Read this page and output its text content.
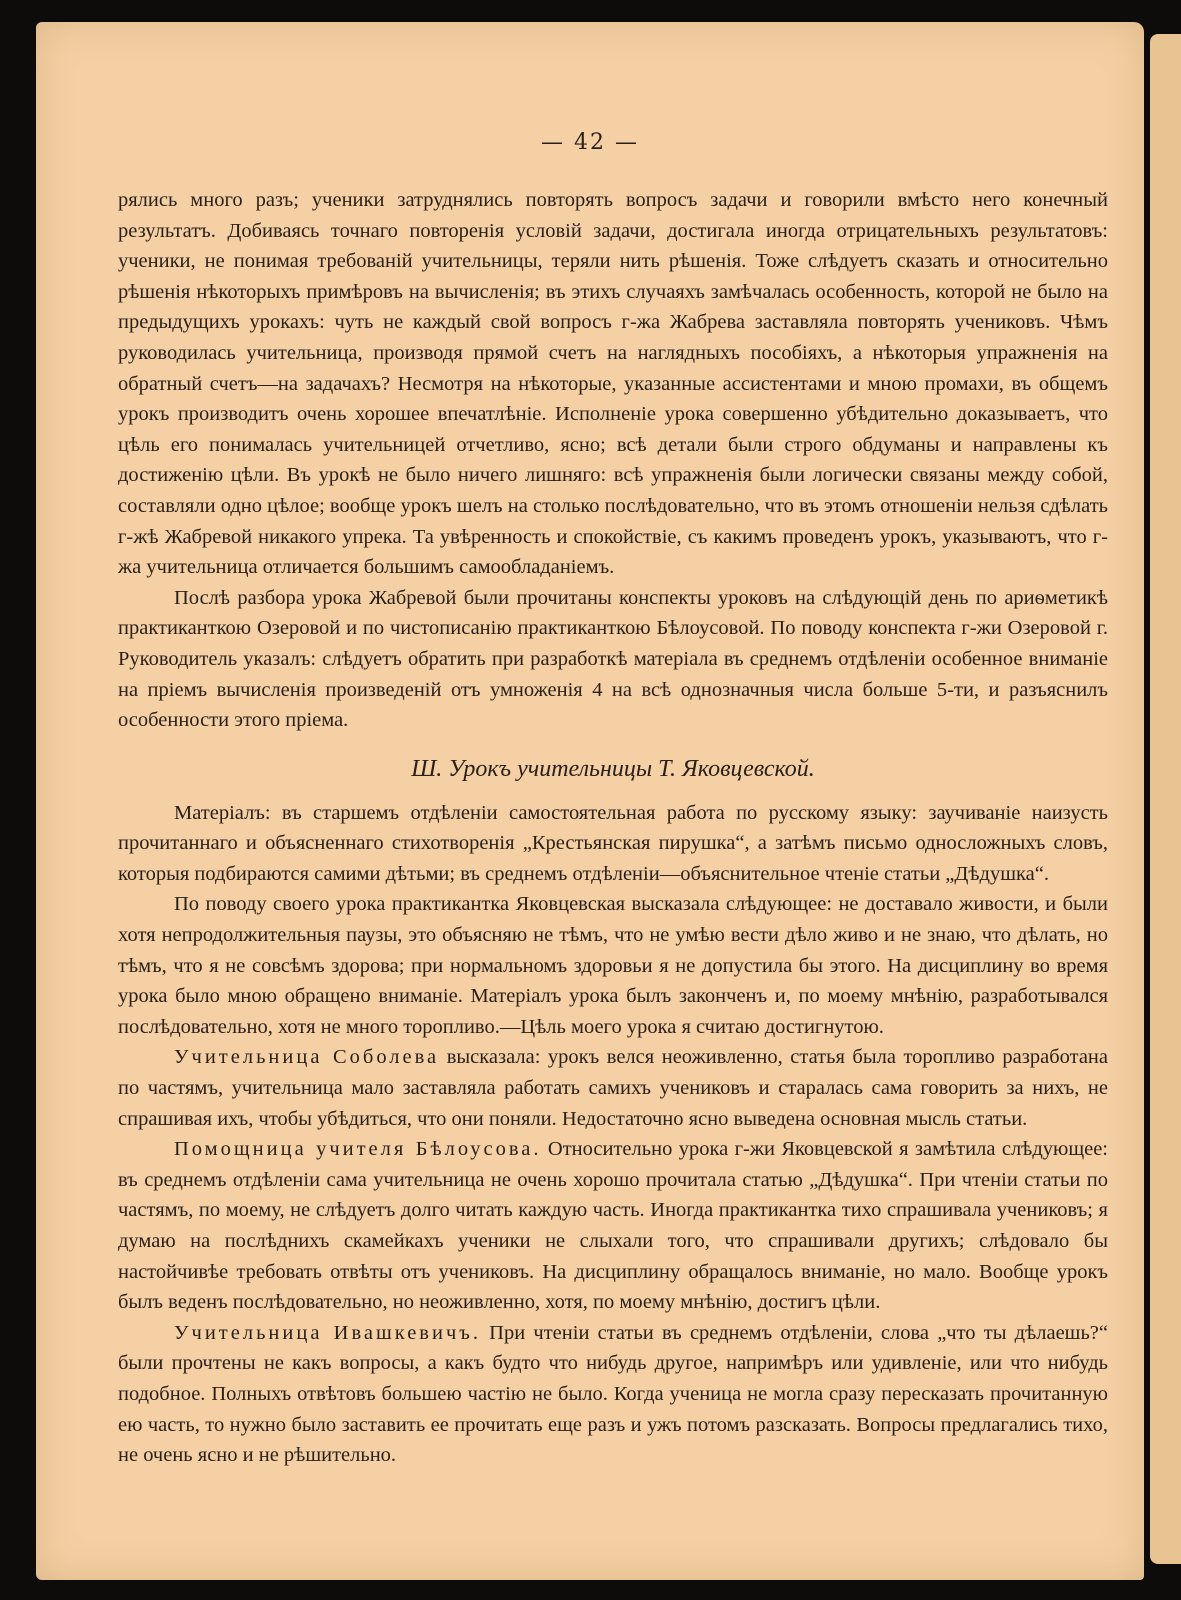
— 42 —

рялись много разъ; ученики затруднялись повторять вопросъ задачи и говорили вмѣсто него конечный результатъ. Добиваясь точнаго повторенія условій задачи, достигала иногда отрицательныхъ результатовъ: ученики, не понимая требованій учительницы, теряли нить рѣшенія. Тоже слѣдуетъ сказать и относительно рѣшенія нѣкоторыхъ примѣровъ на вычисленія; въ этихъ случаяхъ замѣчалась особенность, которой не было на предыдущихъ урокахъ: чуть не каждый свой вопросъ г-жа Жабрева заставляла повторять учениковъ. Чѣмъ руководилась учительница, производя прямой счетъ на наглядныхъ пособіяхъ, а нѣкоторыя упражненія на обратный счетъ—на задачахъ? Несмотря на нѣкоторые, указанные ассистентами и мною промахи, въ общемъ урокъ производитъ очень хорошее впечатлѣніе. Исполненіе урока совершенно убѣдительно доказываетъ, что цѣль его понималась учительницей отчетливо, ясно; всѣ детали были строго обдуманы и направлены къ достиженію цѣли. Въ урокѣ не было ничего лишняго: всѣ упражненія были логически связаны между собой, составляли одно цѣлое; вообще урокъ шелъ на столько послѣдовательно, что въ этомъ отношеніи нельзя сдѣлать г-жѣ Жабревой никакого упрека. Та увѣренность и спокойствіе, съ какимъ проведенъ урокъ, указываютъ, что г-жа учительница отличается большимъ самообладаніемъ.

Послѣ разбора урока Жабревой были прочитаны конспекты уроковъ на слѣдующій день по ариѳметикѣ практиканткою Озеровой и по чистописанію практиканткою Бѣлоусовой. По поводу конспекта г-жи Озеровой г. Руководитель указалъ: слѣдуетъ обратить при разработкѣ матеріала въ среднемъ отдѣленіи особенное вниманіе на пріемъ вычисленія произведеній отъ умноженія 4 на всѣ однозначныя числа больше 5-ти, и разъяснилъ особенности этого пріема.

Ш. Урокъ учительницы Т. Яковцевской.

Матеріалъ: въ старшемъ отдѣленіи самостоятельная работа по русскому языку: заучиваніе наизусть прочитаннаго и объясненнаго стихотворенія „Крестьянская пирушка“, а затѣмъ письмо односложныхъ словъ, которыя подбираются самими дѣтьми; въ среднемъ отдѣленіи—объяснительное чтеніе статьи „Дѣдушка“.

По поводу своего урока практикантка Яковцевская высказала слѣдующее: не доставало живости, и были хотя непродолжительныя паузы, это объясняю не тѣмъ, что не умѣю вести дѣло живо и не знаю, что дѣлать, но тѣмъ, что я не совсѣмъ здорова; при нормальномъ здоровьи я не допустила бы этого. На дисциплину во время урока было мною обращено вниманіе. Матеріалъ урока былъ законченъ и, по моему мнѣнію, разработывался послѣдовательно, хотя не много торопливо.—Цѣль моего урока я считаю достигнутою.

Учительница Соболева высказала: урокъ велся неоживленно, статья была торопливо разработана по частямъ, учительница мало заставляла работать самихъ учениковъ и старалась сама говорить за нихъ, не спрашивая ихъ, чтобы убѣдиться, что они поняли. Недостаточно ясно выведена основная мысль статьи.

Помощница учителя Бѣлоусова. Относительно урока г-жи Яковцевской я замѣтила слѣдующее: въ среднемъ отдѣленіи сама учительница не очень хорошо прочитала статью „Дѣдушка“. При чтеніи статьи по частямъ, по моему, не слѣдуетъ долго читать каждую часть. Иногда практикантка тихо спрашивала учениковъ; я думаю на послѣднихъ скамейкахъ ученики не слыхали того, что спрашивали другихъ; слѣдовало бы настойчивѣе требовать отвѣты отъ учениковъ. На дисциплину обращалось вниманіе, но мало. Вообще урокъ былъ веденъ послѣдовательно, но неоживленно, хотя, по моему мнѣнію, достигъ цѣли.

Учительница Ивашкевичъ. При чтеніи статьи въ среднемъ отдѣленіи, слова „что ты дѣлаешь?“ были прочтены не какъ вопросы, а какъ будто что нибудь другое, напримѣръ или удивленіе, или что нибудь подобное. Полныхъ отвѣтовъ большею частію не было. Когда ученица не могла сразу пересказать прочитанную ею часть, то нужно было заставить ее прочитать еще разъ и ужъ потомъ разсказать. Вопросы предлагались тихо, не очень ясно и не рѣшительно.
